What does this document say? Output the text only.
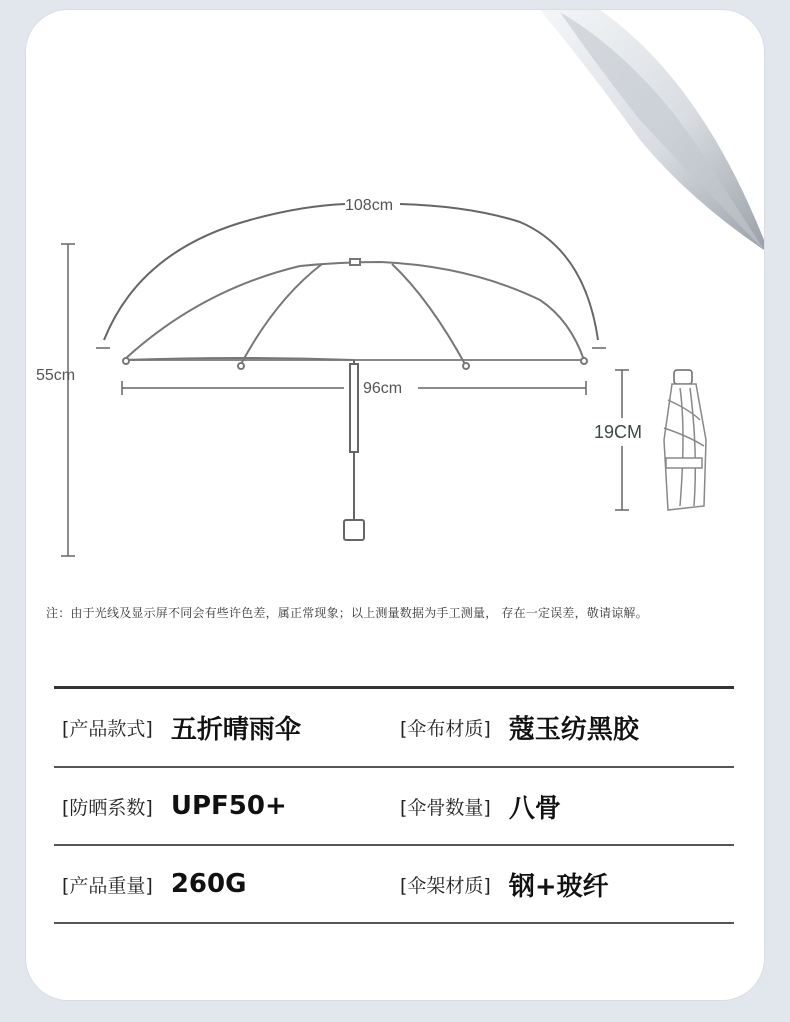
108cm
96cm
55cm
19CM
注：由于光线及显示屏不同会有些许色差，属正常现象；以上测量数据为手工测量， 存在一定误差，敬请谅解。
[产品款式] 五折晴雨伞	[伞布材质] 蔻玉纺黑胶
[防晒系数] UPF50+	[伞骨数量] 八骨
[产品重量] 260G	[伞架材质] 钢+玻纤
